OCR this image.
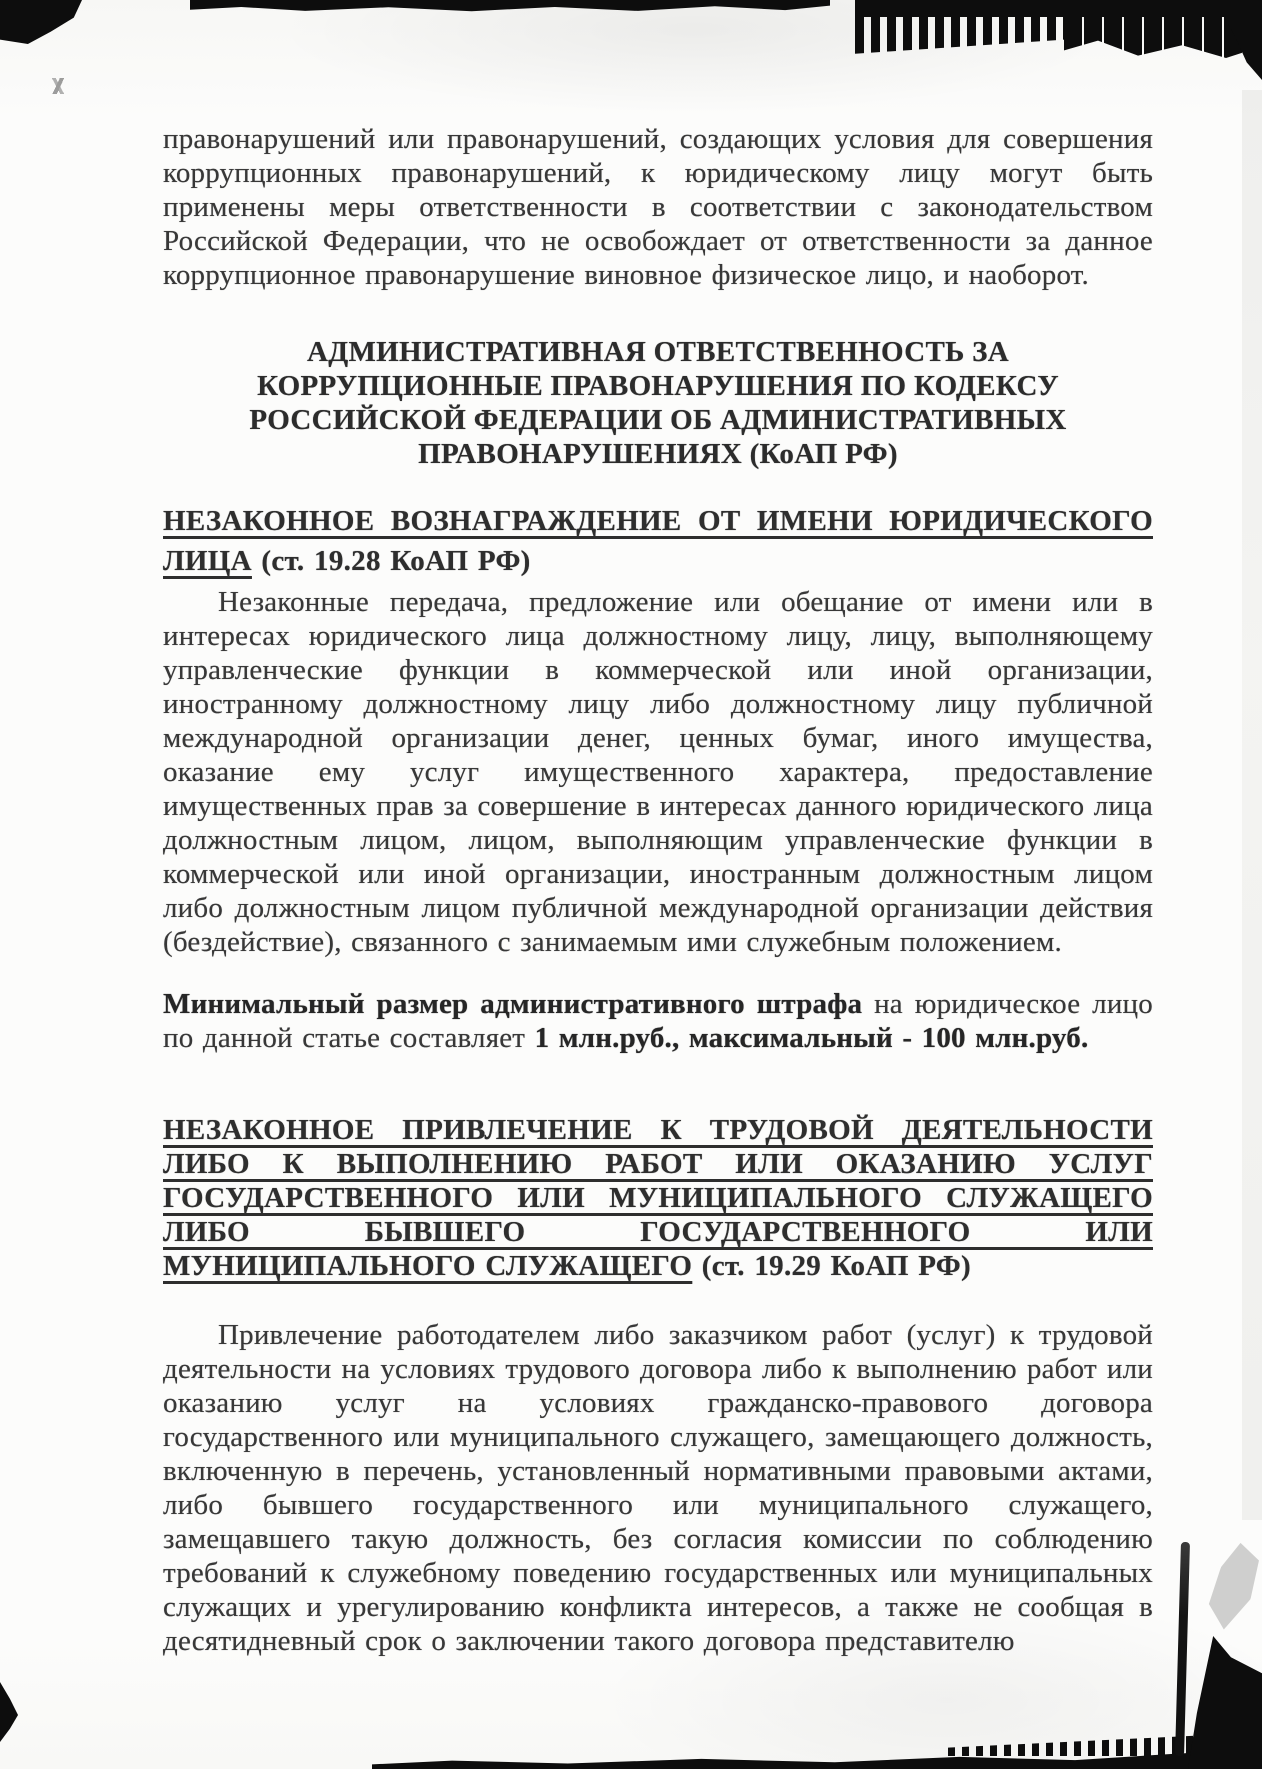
правонарушений или правонарушений, создающих условия для совершения коррупционных правонарушений, к юридическому лицу могут быть применены меры ответственности в соответствии с законодательством Российской Федерации, что не освобождает от ответственности за данное коррупционное правонарушение виновное физическое лицо, и наоборот.

АДМИНИСТРАТИВНАЯ ОТВЕТСТВЕННОСТЬ ЗА
КОРРУПЦИОННЫЕ ПРАВОНАРУШЕНИЯ ПО КОДЕКСУ
РОССИЙСКОЙ ФЕДЕРАЦИИ ОБ АДМИНИСТРАТИВНЫХ
ПРАВОНАРУШЕНИЯХ (КоАП РФ)
НЕЗАКОННОЕ ВОЗНАГРАЖДЕНИЕ ОТ ИМЕНИ ЮРИДИЧЕСКОГО
ЛИЦА (ст. 19.28 КоАП РФ)

Незаконные передача, предложение или обещание от имени или в интересах юридического лица должностному лицу, лицу, выполняющему управленческие функции в коммерческой или иной организации, иностранному должностному лицу либо должностному лицу публичной международной организации денег, ценных бумаг, иного имущества, оказание ему услуг имущественного характера, предоставление имущественных прав за совершение в интересах данного юридического лица должностным лицом, лицом, выполняющим управленческие функции в коммерческой или иной организации, иностранным должностным лицом либо должностным лицом публичной международной организации действия (бездействие), связанного с занимаемым ими служебным положением.

Минимальный размер административного штрафа на юридическое лицо по данной статье составляет 1 млн.руб., максимальный - 100 млн.руб.

НЕЗАКОННОЕ ПРИВЛЕЧЕНИЕ К ТРУДОВОЙ ДЕЯТЕЛЬНОСТИ
ЛИБО К ВЫПОЛНЕНИЮ РАБОТ ИЛИ ОКАЗАНИЮ УСЛУГ
ГОСУДАРСТВЕННОГО ИЛИ МУНИЦИПАЛЬНОГО СЛУЖАЩЕГО
ЛИБО БЫВШЕГО ГОСУДАРСТВЕННОГО ИЛИ
МУНИЦИПАЛЬНОГО СЛУЖАЩЕГО (ст. 19.29 КоАП РФ)

Привлечение работодателем либо заказчиком работ (услуг) к трудовой деятельности на условиях трудового договора либо к выполнению работ или оказанию услуг на условиях гражданско-правового договора государственного или муниципального служащего, замещающего должность, включенную в перечень, установленный нормативными правовыми актами, либо бывшего государственного или муниципального служащего, замещавшего такую должность, без согласия комиссии по соблюдению требований к служебному поведению государственных или муниципальных служащих и урегулированию конфликта интересов, а также не сообщая в десятидневный срок о заключении такого договора представителю
